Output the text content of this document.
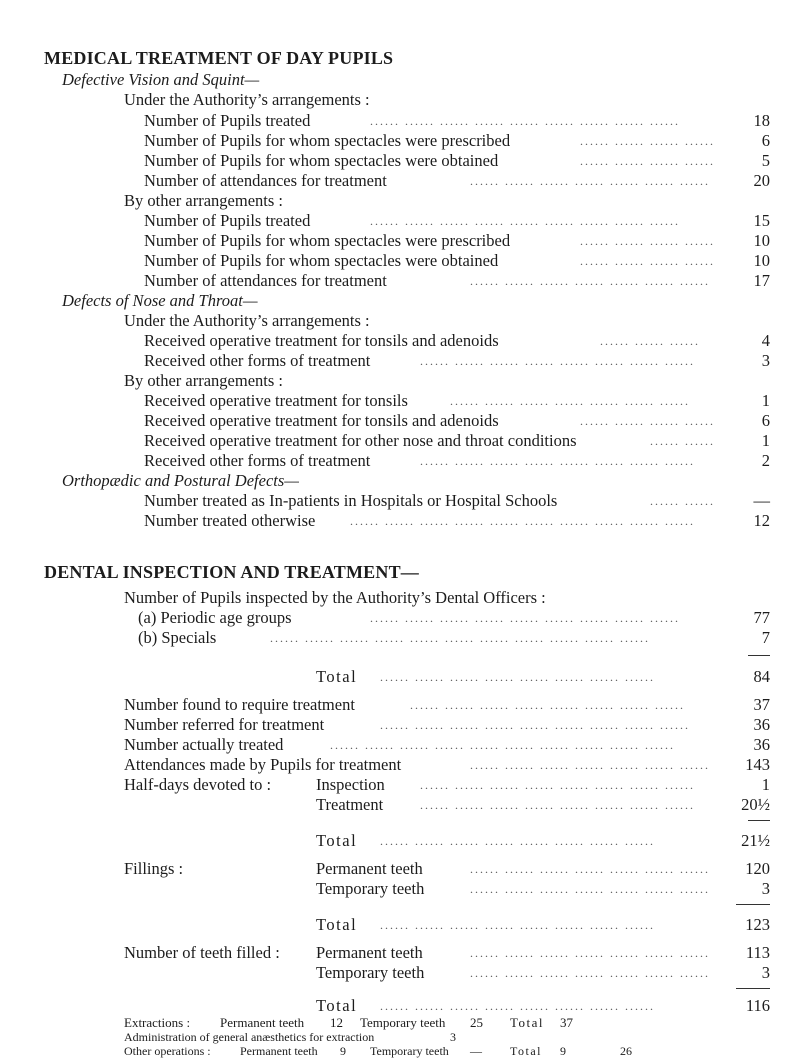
MEDICAL TREATMENT OF DAY PUPILS
Defective Vision and Squint—
Under the Authority’s arrangements :
Number of Pupils treated	...... ...... ...... ...... ...... ...... ...... ...... ......	18
Number of Pupils for whom spectacles were prescribed	...... ...... ...... ......	6
Number of Pupils for whom spectacles were obtained	...... ...... ...... ......	5
Number of attendances for treatment	...... ...... ...... ...... ...... ...... ......	20
By other arrangements :
Number of Pupils treated	...... ...... ...... ...... ...... ...... ...... ...... ......	15
Number of Pupils for whom spectacles were prescribed	...... ...... ...... ......	10
Number of Pupils for whom spectacles were obtained	...... ...... ...... ......	10
Number of attendances for treatment	...... ...... ...... ...... ...... ...... ......	17
Defects of Nose and Throat—
Under the Authority’s arrangements :
Received operative treatment for tonsils and adenoids	...... ...... ......	4
Received other forms of treatment	...... ...... ...... ...... ...... ...... ...... ......	3
By other arrangements :
Received operative treatment for tonsils	...... ...... ...... ...... ...... ...... ......	1
Received operative treatment for tonsils and adenoids	...... ...... ...... ......	6
Received operative treatment for other nose and throat conditions	...... ......	1
Received other forms of treatment	...... ...... ...... ...... ...... ...... ...... ......	2
Orthopædic and Postural Defects—
Number treated as In-patients in Hospitals or Hospital Schools	...... ......	—
Number treated otherwise	...... ...... ...... ...... ...... ...... ...... ...... ...... ......	12
DENTAL INSPECTION AND TREATMENT—
Number of Pupils inspected by the Authority’s Dental Officers :
(a) Periodic age groups	...... ...... ...... ...... ...... ...... ...... ...... ......	77
(b) Specials	...... ...... ...... ...... ...... ...... ...... ...... ...... ...... ......	7
Total ...... ...... ...... ...... ...... ...... ...... ......	84
Number found to require treatment	...... ...... ...... ...... ...... ...... ...... ......	37
Number referred for treatment	...... ...... ...... ...... ...... ...... ...... ...... ......	36
Number actually treated	...... ...... ...... ...... ...... ...... ...... ...... ...... ......	36
Attendances made by Pupils for treatment	...... ...... ...... ...... ...... ...... ......	143
Half-days devoted to :	Inspection	...... ...... ...... ...... ...... ...... ...... ......	1
Treatment	...... ...... ...... ...... ...... ...... ...... ......	20½
Total ...... ...... ...... ...... ...... ...... ...... ......	21½
Fillings :	Permanent teeth	...... ...... ...... ...... ...... ...... ......	120
Temporary teeth	...... ...... ...... ...... ...... ...... ......	3
Total ...... ...... ...... ...... ...... ...... ...... ......	123
Number of teeth filled : Permanent teeth	...... ...... ...... ...... ...... ...... ......	113
Temporary teeth	...... ...... ...... ...... ...... ...... ......	3
Total ...... ...... ...... ...... ...... ...... ...... ......	116
Extractions : Permanent teeth 12 Temporary teeth 25 Total 37
Administration of general anæsthetics for extraction	3
Other operations : Permanent teeth 9 Temporary teeth — Total 9	26
